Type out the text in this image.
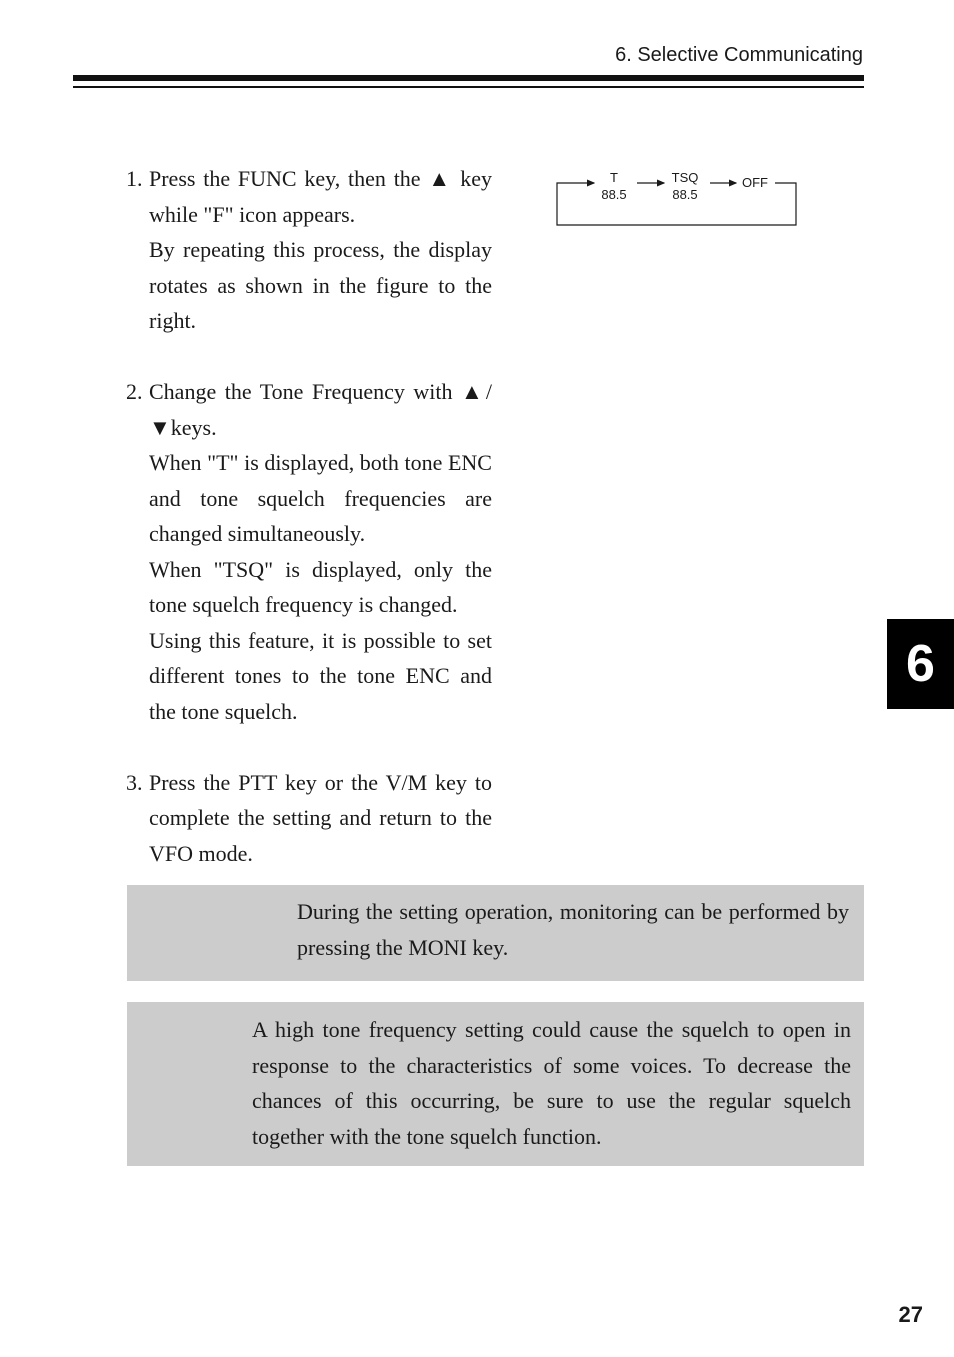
6. Selective Communicating
1. Press the FUNC key, then the ▲ key while "F" icon appears.

By repeating this process, the display rotates as shown in the figure to the right.

2. Change the Tone Frequency with ▲/▼keys.

When "T" is displayed, both tone ENC and tone squelch frequencies are changed simultaneously.

When "TSQ" is displayed, only the tone squelch frequency is changed.

Using this feature, it is possible to set different tones to the tone ENC and the tone squelch.

3. Press the PTT key or the V/M key to complete the setting and return to the VFO mode.

T
88.5
TSQ
88.5
OFF
6

During the setting operation, monitoring can be performed by pressing the MONI key.

A high tone frequency setting could cause the squelch to open in response to the characteristics of some voices. To decrease the chances of this occurring, be sure to use the regular squelch together with the tone squelch function.

27
